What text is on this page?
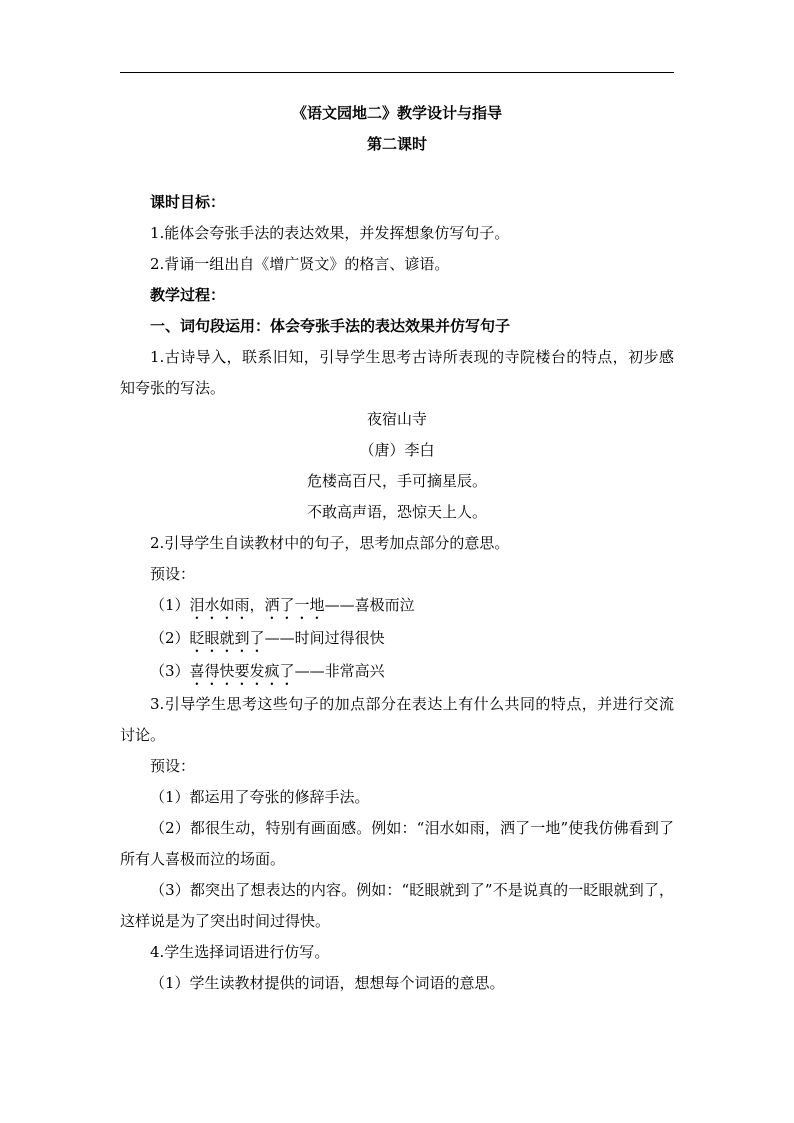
《语文园地二》教学设计与指导
第二课时
课时目标：
1.能体会夸张手法的表达效果，并发挥想象仿写句子。
2.背诵一组出自《增广贤文》的格言、谚语。
教学过程：
一、词句段运用：体会夸张手法的表达效果并仿写句子
1.古诗导入，联系旧知，引导学生思考古诗所表现的寺院楼台的特点，初步感知夸张的写法。
夜宿山寺
（唐）李白
危楼高百尺，手可摘星辰。
不敢高声语，恐惊天上人。
2.引导学生自读教材中的句子，思考加点部分的意思。
预设：
（1）泪水如雨，洒了一地——喜极而泣
（2）眨眼就到了——时间过得很快
（3）喜得快要发疯了——非常高兴
3.引导学生思考这些句子的加点部分在表达上有什么共同的特点，并进行交流讨论。
预设：
（1）都运用了夸张的修辞手法。
（2）都很生动，特别有画面感。例如：“泪水如雨，洒了一地”使我仿佛看到了所有人喜极而泣的场面。
（3）都突出了想表达的内容。例如：“眨眼就到了”不是说真的一眨眼就到了，这样说是为了突出时间过得快。
4.学生选择词语进行仿写。
（1）学生读教材提供的词语，想想每个词语的意思。
